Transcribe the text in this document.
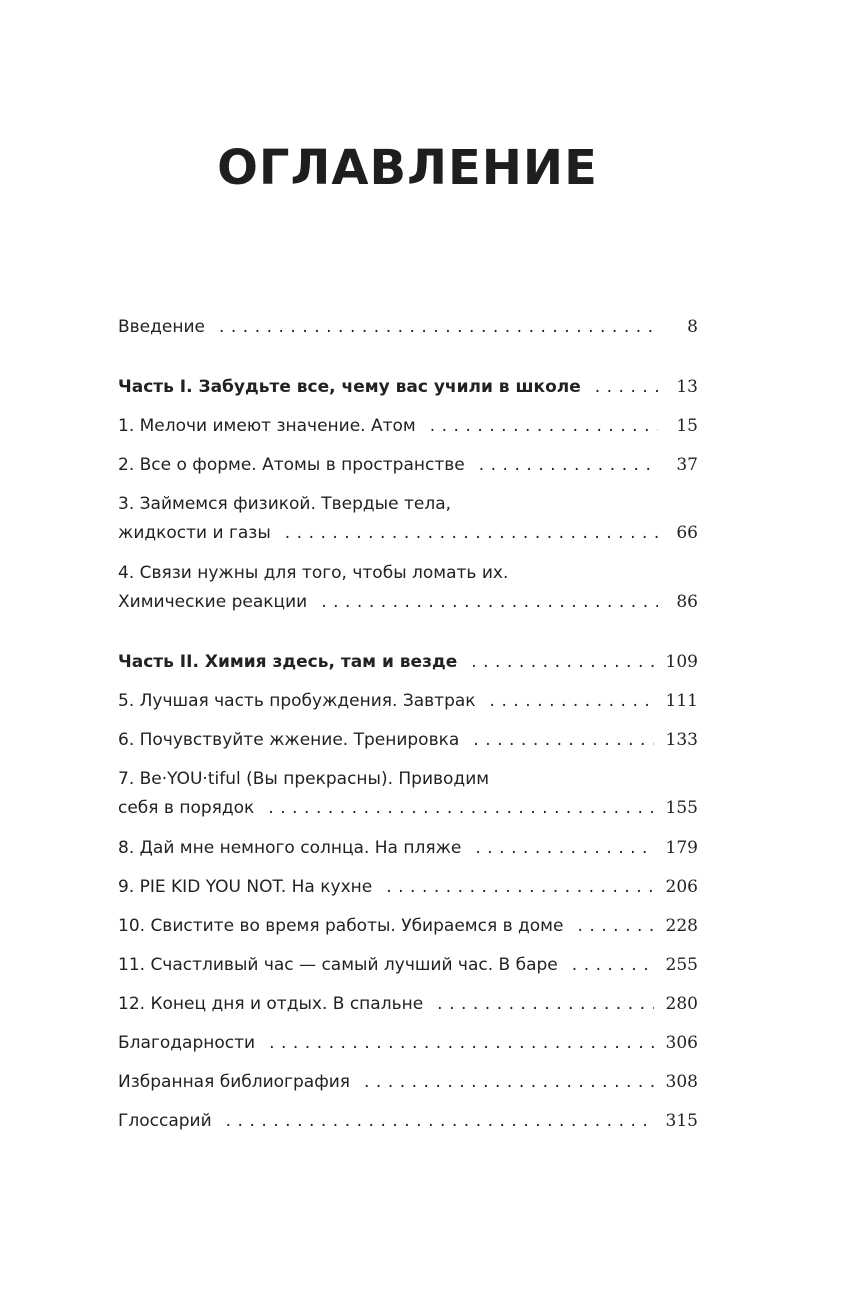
ОГЛАВЛЕНИЕ
Введение . . .	8
Часть I. Забудьте все, чему вас учили в школе . . .	13
1. Мелочи имеют значение. Атом . . .	15
2. Все о форме. Атомы в пространстве . . .	37
3. Займемся физикой. Твердые тела,
жидкости и газы . . .	66
4. Связи нужны для того, чтобы ломать их.
Химические реакции . . .	86
Часть II. Химия здесь, там и везде . . .	109
5. Лучшая часть пробуждения. Завтрак . . .	111
6. Почувствуйте жжение. Тренировка . . .	133
7. Be·YOU·tiful (Вы прекрасны). Приводим
себя в порядок . . .	155
8. Дай мне немного солнца. На пляже . . .	179
9. PIE KID YOU NOT. На кухне . . .	206
10. Свистите во время работы. Убираемся в доме . . .	228
11. Счастливый час — самый лучший час. В баре . . .	255
12. Конец дня и отдых. В спальне . . .	280
Благодарности . . .	306
Избранная библиография . . .	308
Глоссарий . . .	315
